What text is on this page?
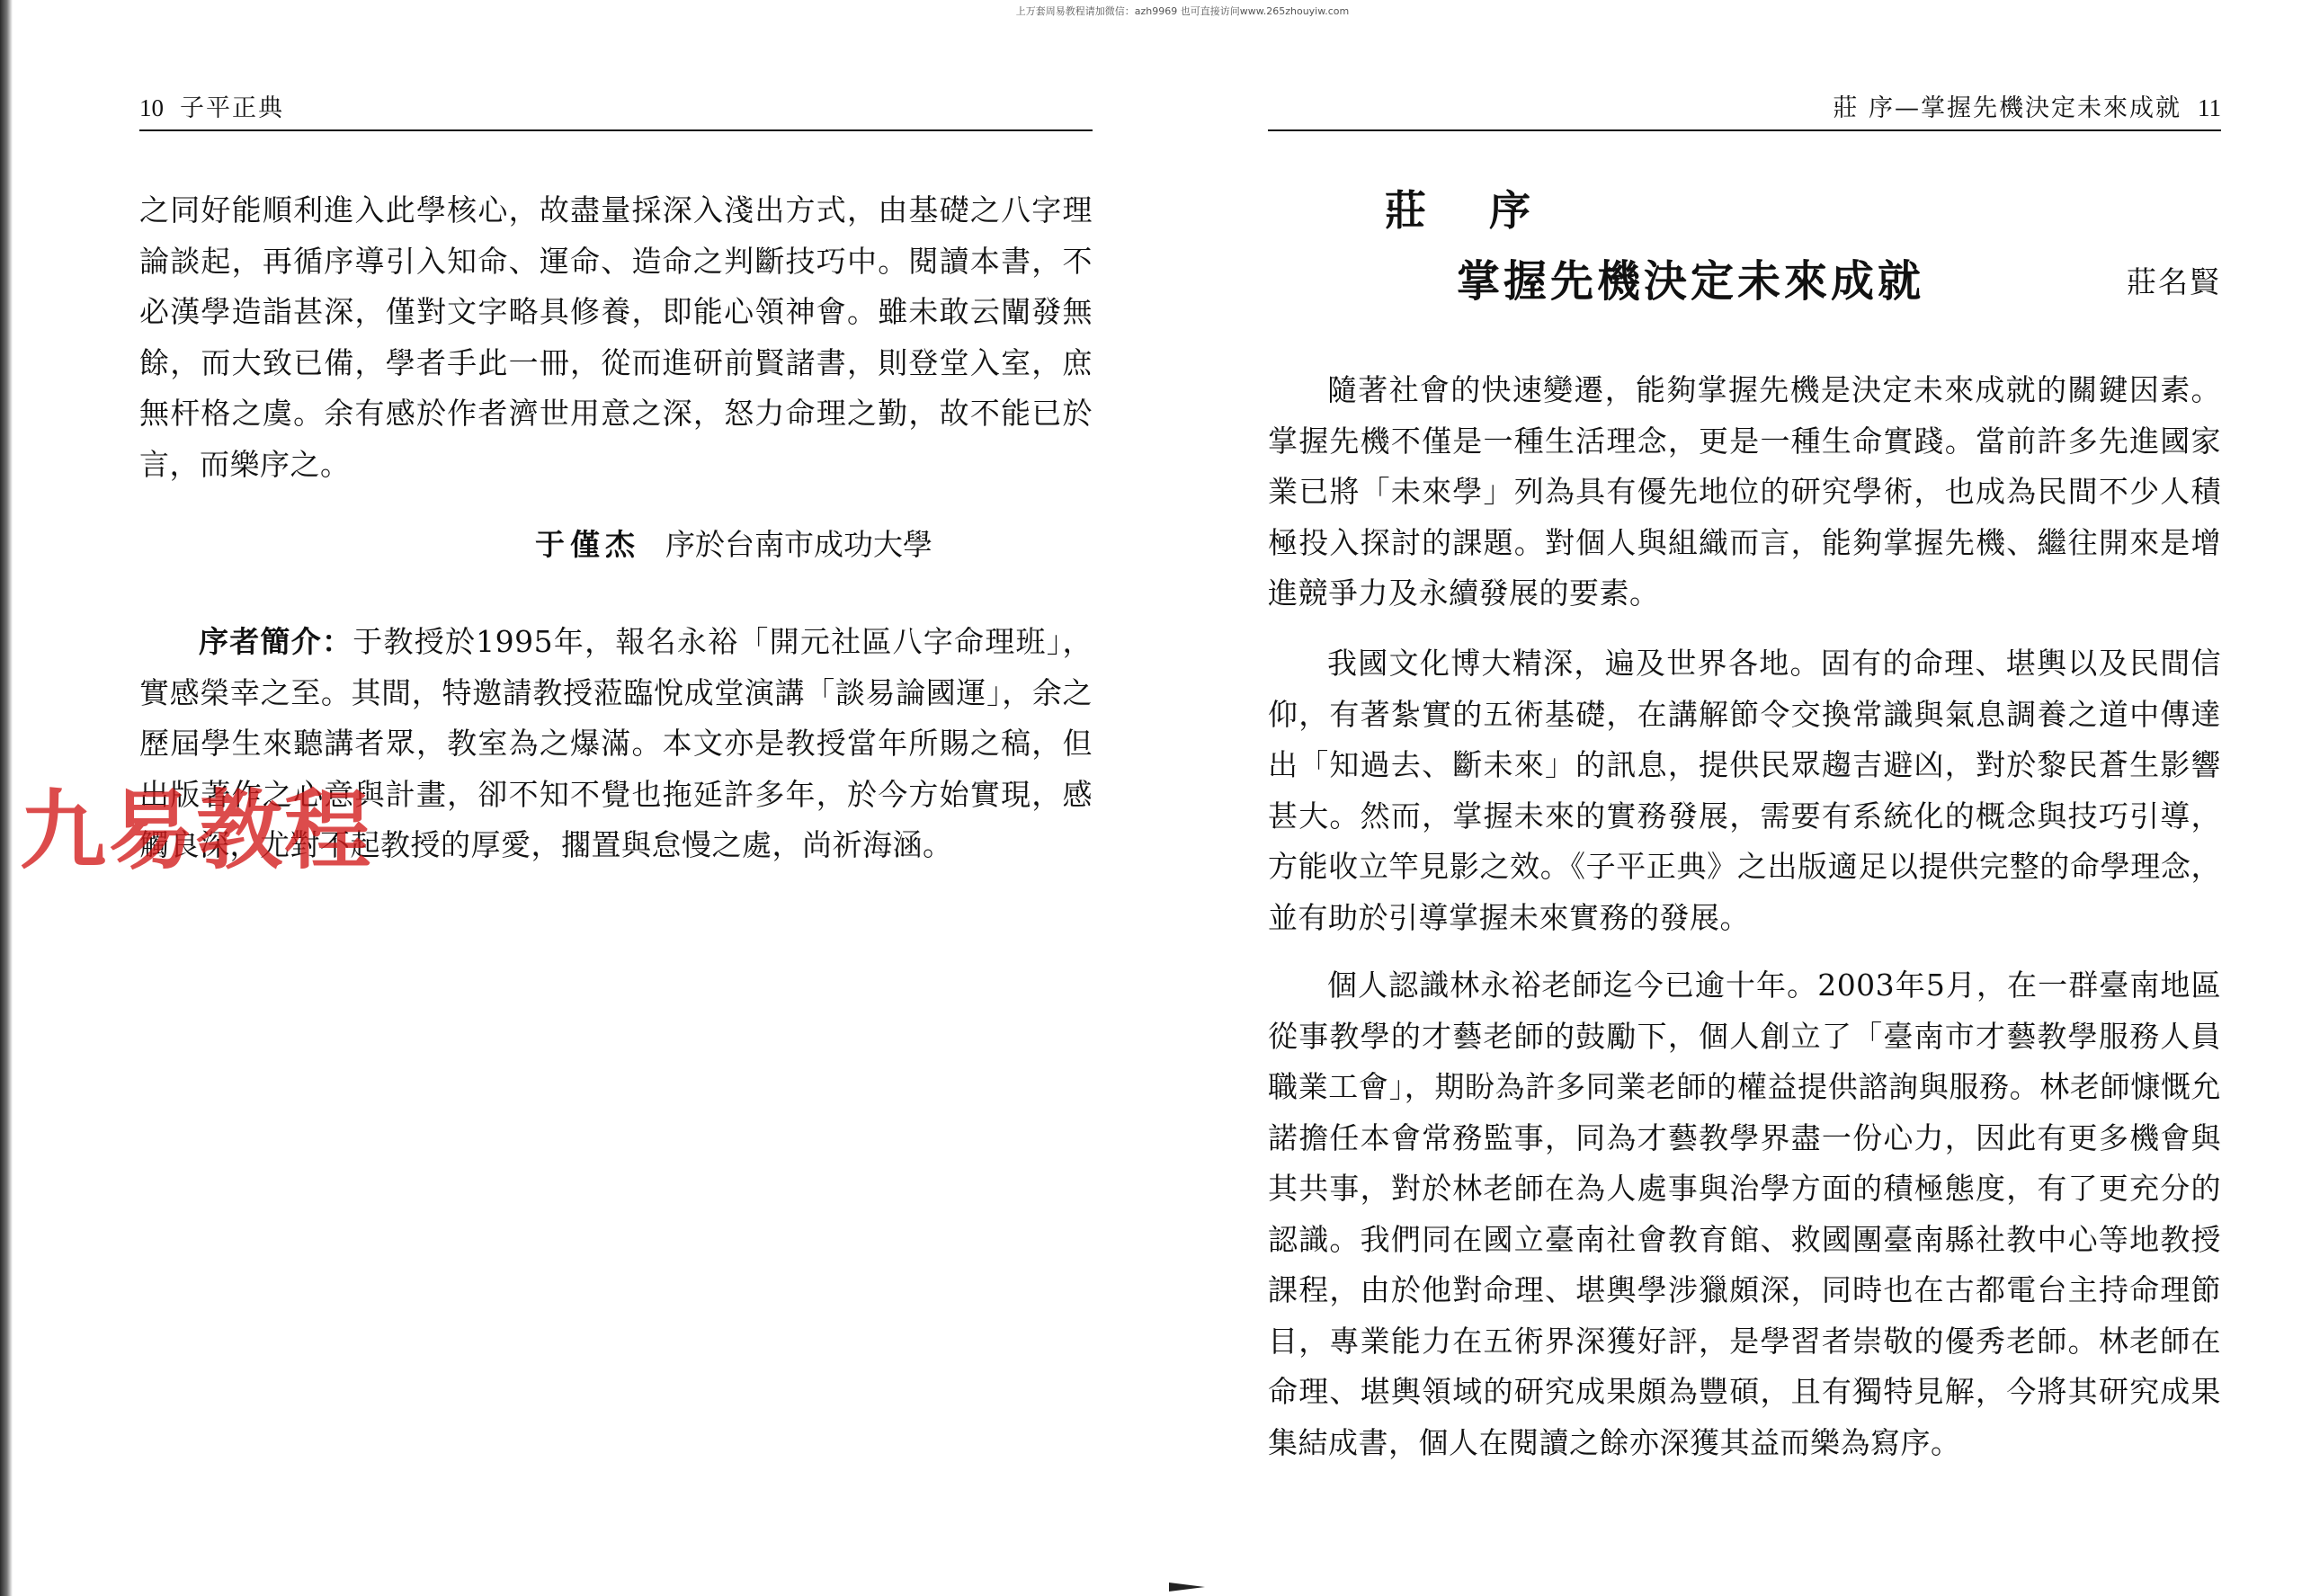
上万套周易教程请加微信：azh9969 也可直接访问www.265zhouyiw.com
10 子平正典

之同好能順利進入此學核心，故盡量採深入淺出方式，由基礎之八字理論談起，再循序導引入知命、運命、造命之判斷技巧中。閱讀本書，不必漢學造詣甚深，僅對文字略具修養，即能心領神會。雖未敢云闡發無餘，而大致已備，學者手此一冊，從而進研前賢諸書，則登堂入室，庶無杆格之虞。余有感於作者濟世用意之深，怒力命理之勤，故不能已於言，而樂序之。

于僅杰 序於台南市成功大學

序者簡介：于教授於1995年，報名永裕「開元社區八字命理班」，實感榮幸之至。其間，特邀請教授蒞臨悅成堂演講「談易論國運」，余之歷屆學生來聽講者眾，教室為之爆滿。本文亦是教授當年所賜之稿，但出版著作之心意與計畫，卻不知不覺也拖延許多年，於今方始實現，感觸良深，尤對不起教授的厚愛，擱置與怠慢之處，尚祈海涵。

莊 序—掌握先機決定未來成就 11
莊序
掌握先機決定未來成就	莊名賢

隨著社會的快速變遷，能夠掌握先機是決定未來成就的關鍵因素。掌握先機不僅是一種生活理念，更是一種生命實踐。當前許多先進國家業已將「未來學」列為具有優先地位的研究學術，也成為民間不少人積極投入探討的課題。對個人與組織而言，能夠掌握先機、繼往開來是增進競爭力及永續發展的要素。

我國文化博大精深，遍及世界各地。固有的命理、堪輿以及民間信仰，有著紮實的五術基礎，在講解節令交換常識與氣息調養之道中傳達出「知過去、斷未來」的訊息，提供民眾趨吉避凶，對於黎民蒼生影響甚大。然而，掌握未來的實務發展，需要有系統化的概念與技巧引導，方能收立竿見影之效。《子平正典》之出版適足以提供完整的命學理念，並有助於引導掌握未來實務的發展。

個人認識林永裕老師迄今已逾十年。2003年5月，在一群臺南地區從事教學的才藝老師的鼓勵下，個人創立了「臺南市才藝教學服務人員職業工會」，期盼為許多同業老師的權益提供諮詢與服務。林老師慷慨允諾擔任本會常務監事，同為才藝教學界盡一份心力，因此有更多機會與其共事，對於林老師在為人處事與治學方面的積極態度，有了更充分的認識。我們同在國立臺南社會教育館、救國團臺南縣社教中心等地教授課程，由於他對命理、堪輿學涉獵頗深，同時也在古都電台主持命理節目，專業能力在五術界深獲好評，是學習者崇敬的優秀老師。林老師在命理、堪輿領域的研究成果頗為豐碩，且有獨特見解，今將其研究成果集結成書，個人在閱讀之餘亦深獲其益而樂為寫序。

九易教程
